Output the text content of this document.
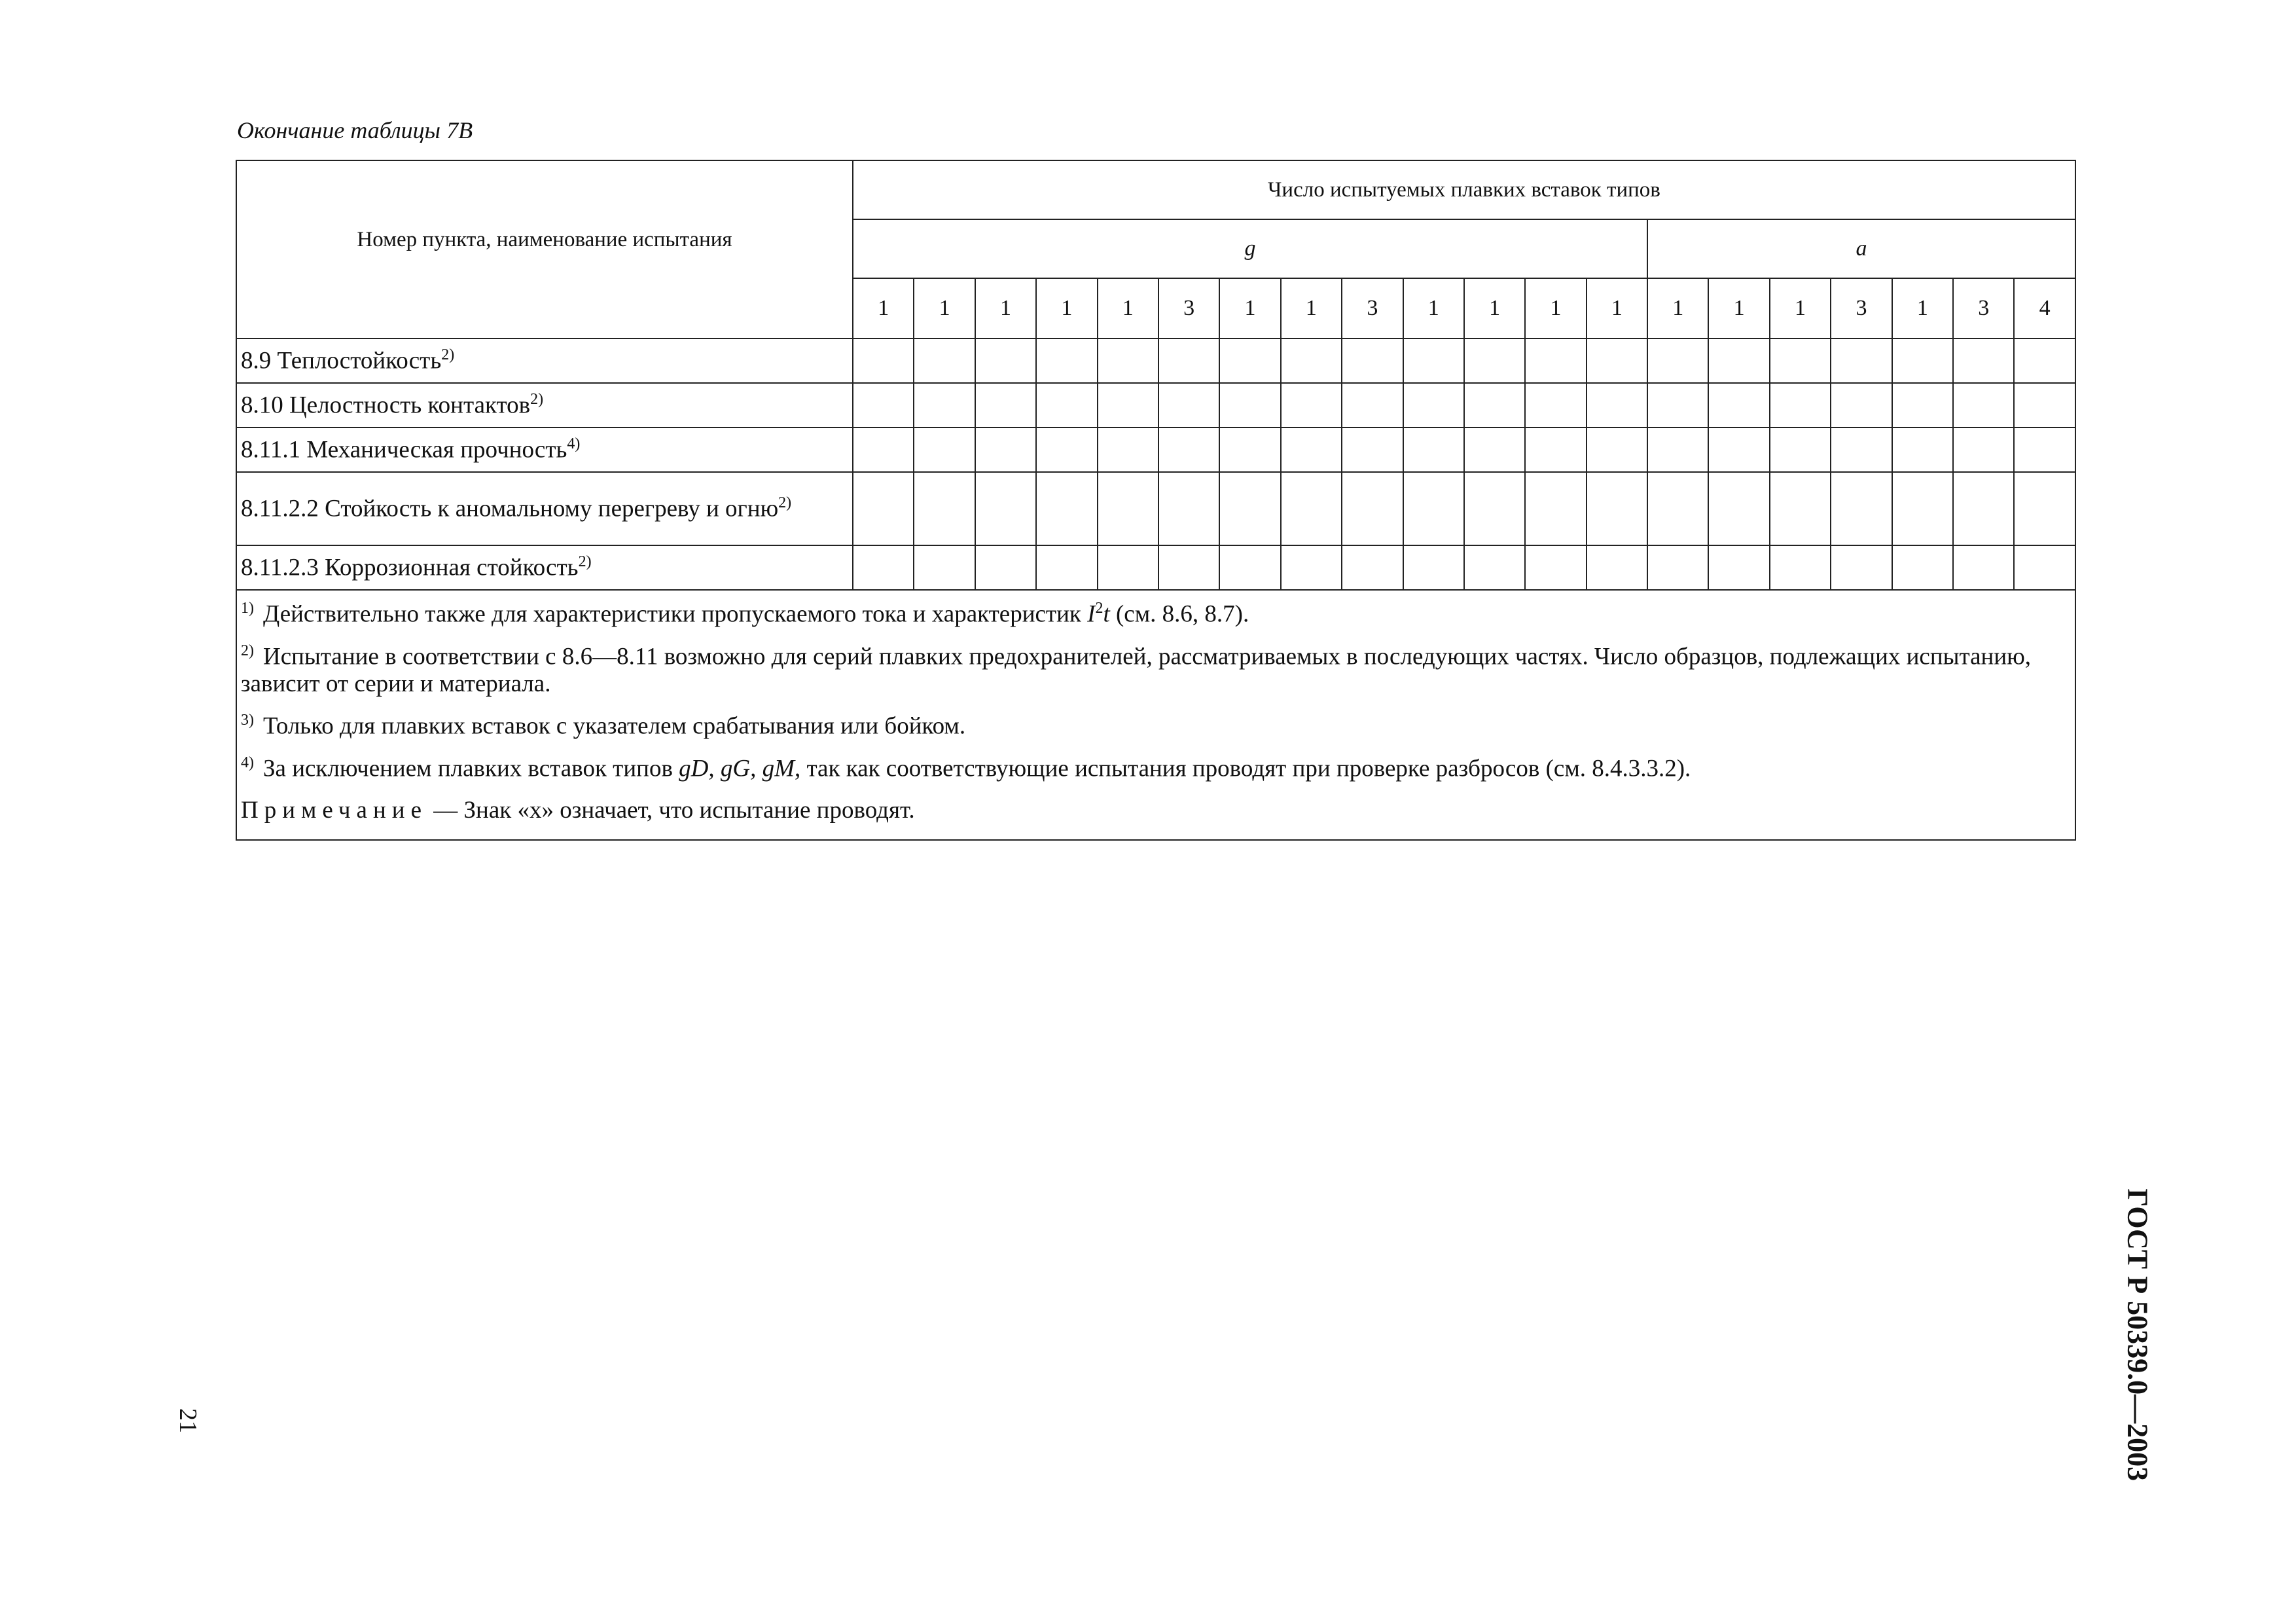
Окончание таблицы 7B
Номер пункта, наименование испытания	Число испытуемых плавких вставок типов																			
	g													a						
	1	1	1	1	1	3	1	1	3	1	1	1	1	1	1	1	3	1	3	4
8.9 Теплостойкость$^{2)}$																				
8.10 Целостность контактов$^{2)}$																				
8.11.1 Механическая прочность$^{4)}$																				
8.11.2.2 Стойкость к аномальному перегреву и огню$^{2)}$																				
8.11.2.3 Коррозионная стойкость$^{2)}$																				

$^{1)}$ Действительно также для характеристики пропускаемого тока и характеристик $I^2t$ (см. 8.6, 8.7).
$^{2)}$ Испытание в соответствии с 8.6—8.11 возможно для серий плавких предохранителей, рассматриваемых в последующих частях. Число образцов, подлежащих испытанию, зависит от серии и материала.
$^{3)}$ Только для плавких вставок с указателем срабатывания или бойком.
$^{4)}$ За исключением плавких вставок типов gD, gG, gM, так как соответствующие испытания проводят при проверке разбросов (см. 8.4.3.3.2).
Примечание — Знак «х» означает, что испытание проводят.																				
21	ГОСТ Р 50339.0—2003
